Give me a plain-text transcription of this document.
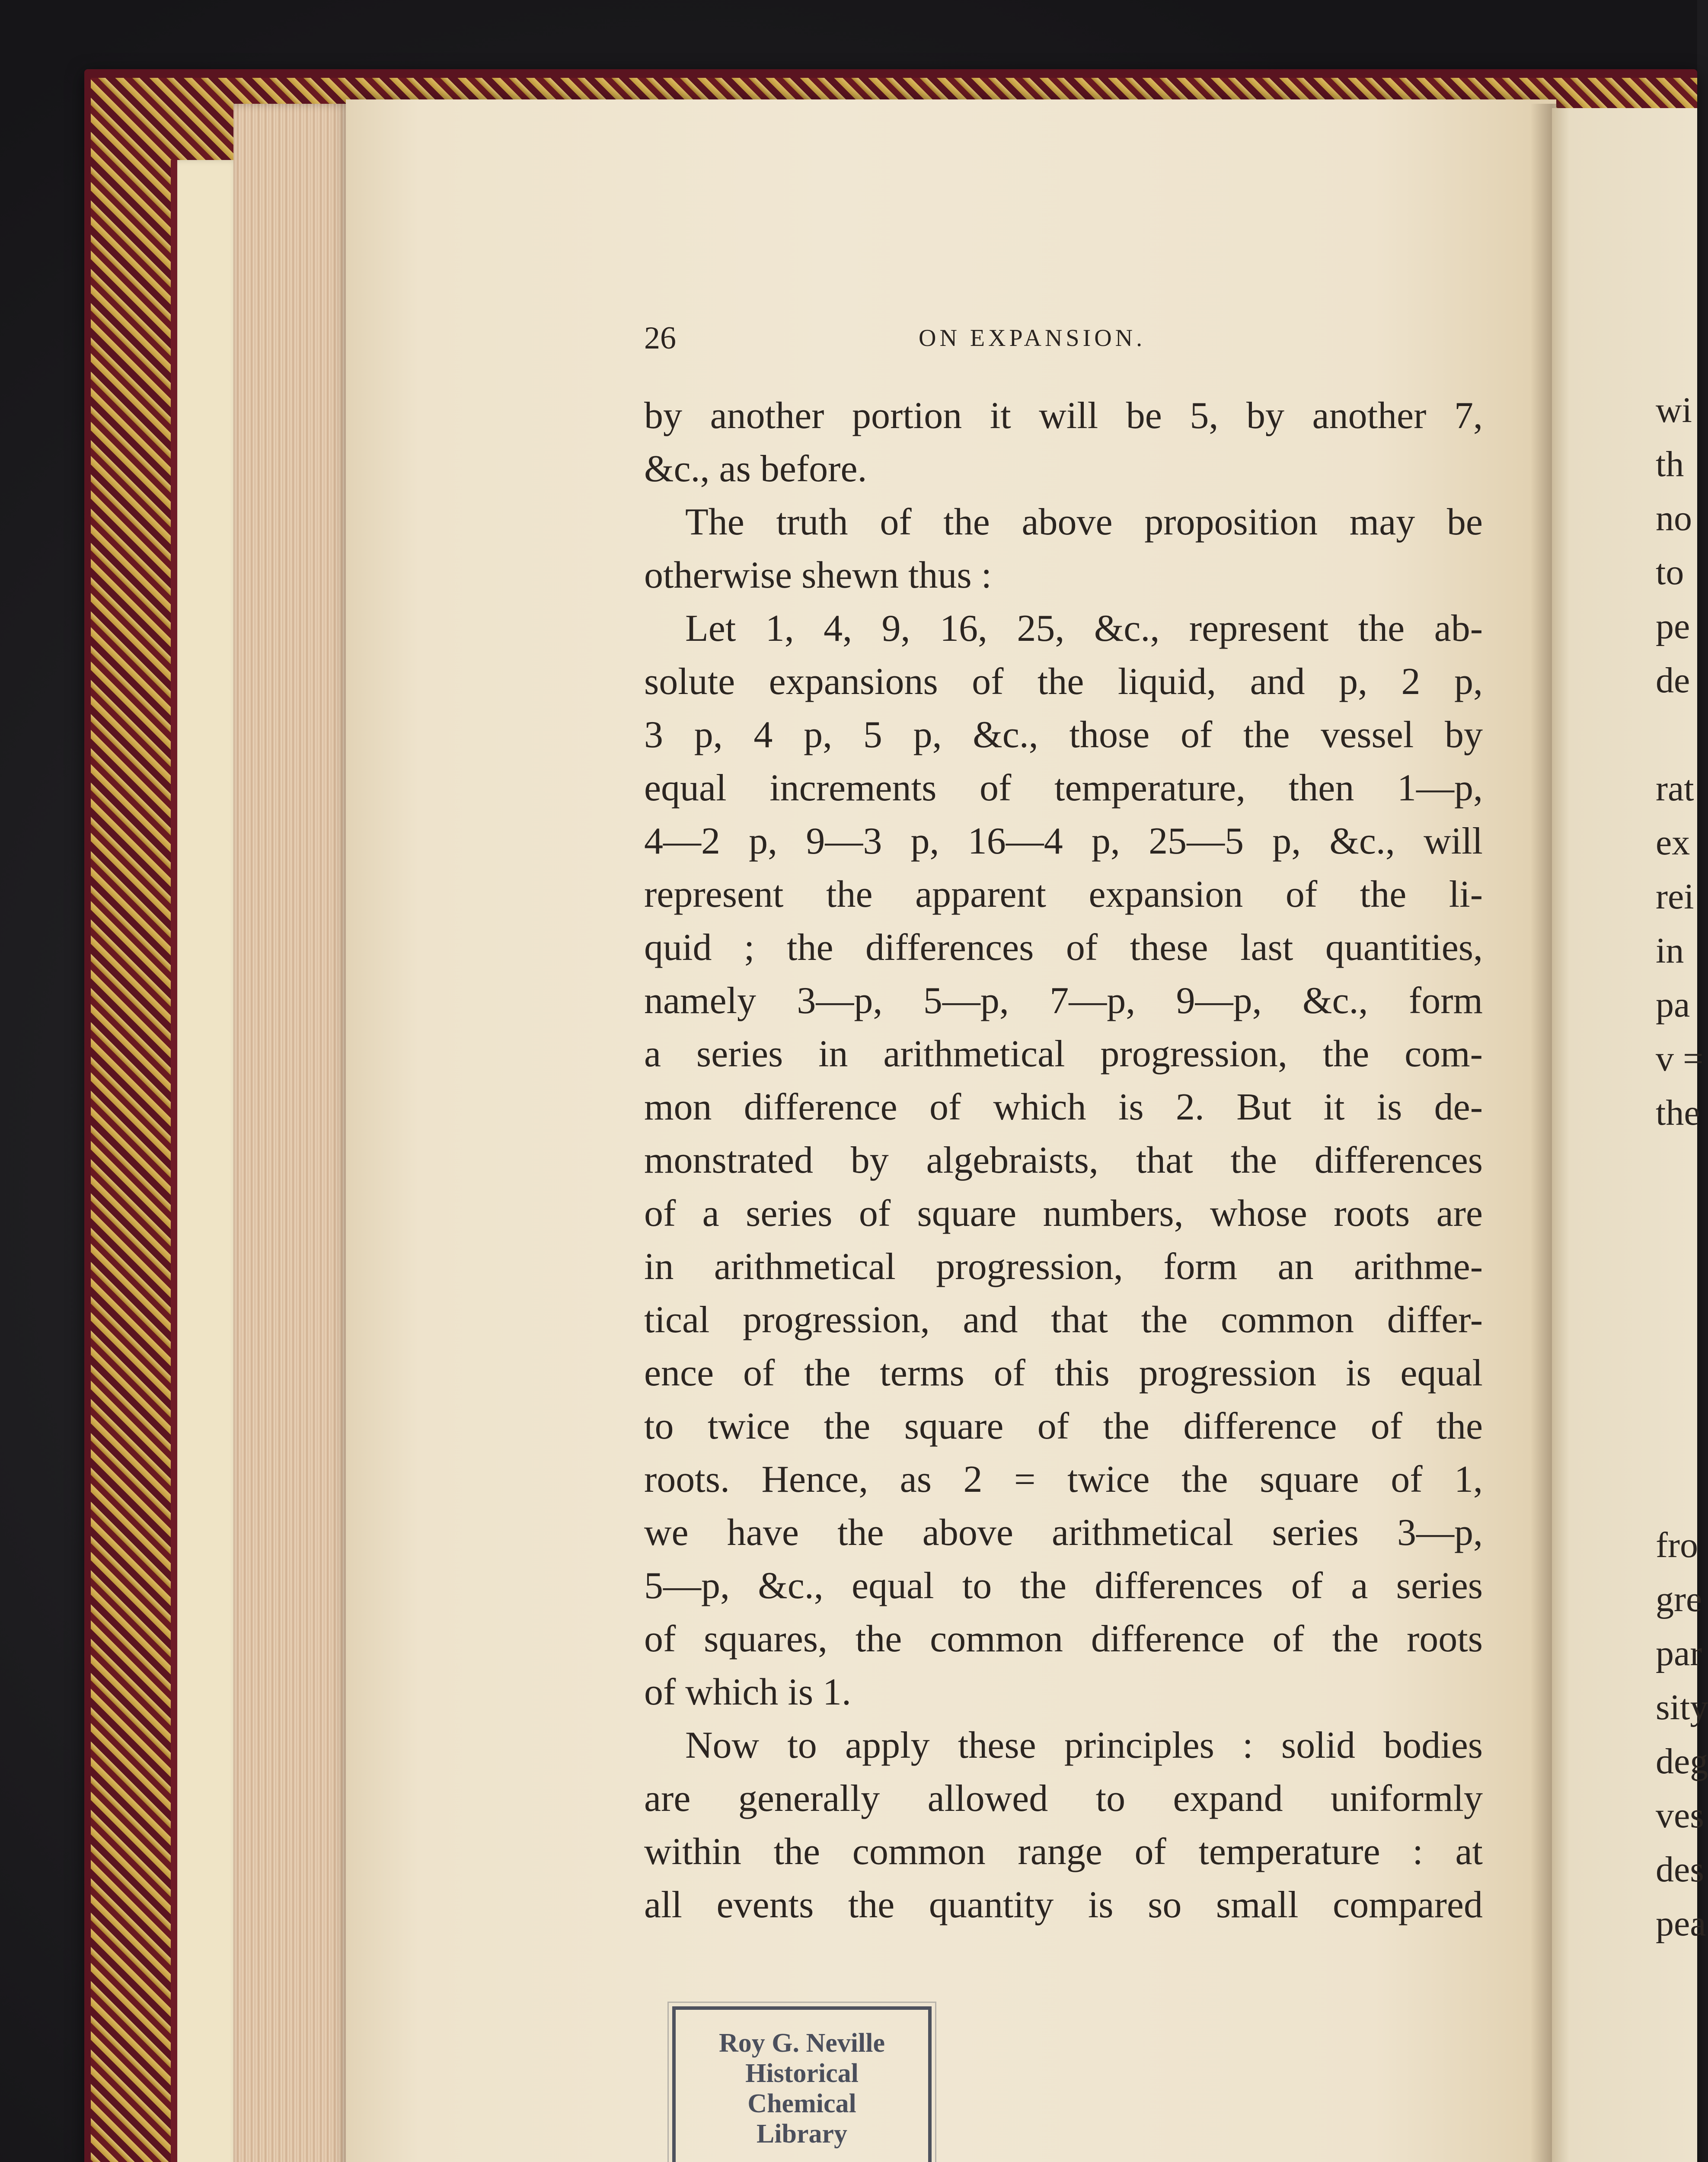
26	ON EXPANSION.
by another portion it will be 5, by another 7,
&c., as before.
The truth of the above proposition may be
otherwise shewn thus :
Let 1, 4, 9, 16, 25, &c., represent the ab-
solute expansions of the liquid, and p, 2 p,
3 p, 4 p, 5 p, &c., those of the vessel by
equal increments of temperature, then 1—p,
4—2 p, 9—3 p, 16—4 p, 25—5 p, &c., will
represent the apparent expansion of the li-
quid ; the differences of these last quantities,
namely 3—p, 5—p, 7—p, 9—p, &c., form
a series in arithmetical progression, the com-
mon difference of which is 2. But it is de-
monstrated by algebraists, that the differences
of a series of square numbers, whose roots are
in arithmetical progression, form an arithme-
tical progression, and that the common differ-
ence of the terms of this progression is equal
to twice the square of the difference of the
roots. Hence, as 2 = twice the square of 1,
we have the above arithmetical series 3—p,
5—p, &c., equal to the differences of a series
of squares, the common difference of the roots
of which is 1.
Now to apply these principles : solid bodies
are generally allowed to expand uniformly
within the common range of temperature : at
all events the quantity is so small compared
wi
th
no
to
pe
de
rat
ex
rei
in
pa
v =
the
fro
gre
par
sity
deg
ves
des
pea
Roy G. Neville
Historical
Chemical
Library
